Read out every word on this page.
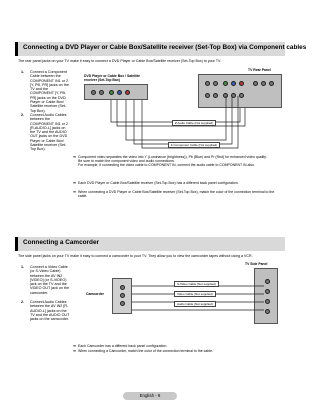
Connecting a DVD Player or Cable Box/Satellite receiver (Set-Top Box) via Component cables
The rear panel jacks on your TV make it easy to connect a DVD Player or Cable Box/Satellite receiver (Set-Top Box) to your TV.
1. Connect a Component Cable between the COMPONENT IN1 or 2 [Y, PB, PR] jacks on the TV and the COMPONENT [Y, PB, PR] jacks on the DVD Player or Cable Box/ Satellite receiver (Set-Top Box).
2. Connect Audio Cables between the COMPONENT IN1 or 2 [R-AUDIO-L] jacks on the TV and the AUDIO OUT jacks on the DVD Player or Cable Box/ Satellite receiver (Set-Top Box).
DVD Player or Cable Box / Satellite receiver (Set-Top Box)
TV Rear Panel
2 Audio Cable (Not supplied)
1 Component Cable (Not supplied)
➡ Component video separates the video into Y (Luminance (brightness)), Pb (Blue) and Pr (Red) for enhanced video quality.
Be sure to match the component video and audio connections.
For example, if connecting the video cable to COMPONENT IN, connect the audio cable to COMPONENT IN also.
➡ Each DVD Player or Cable Box/Satellite receiver (Set-Top Box) has a different back panel configuration.
➡ When connecting a DVD Player or Cable Box/Satellite receiver (Set-Top Box), match the color of the connection terminal to the cable.
Connecting a Camcorder
The side panel jacks on your TV make it easy to connect a camcorder to your TV. They allow you to view the camcorder tapes without using a VCR.
1. Connect a Video Cable (or S-Video Cable) between the AV IN2 [VIDEO] (or S-VIDEO) jack on the TV and the VIDEO OUT jack on the camcorder.
2. Connect Audio Cables between the AV IN2 [R-AUDIO-L] jacks on the TV and the AUDIO OUT jacks on the camcorder.
TV Side Panel
Camcorder
S-Video Cable (Not supplied)
Video Cable (Not supplied)
Audio Cable (Not supplied)
➡ Each Camcorder has a different back panel configuration.
➡ When connecting a Camcorder, match the color of the connection terminal to the cable.
English - 9
